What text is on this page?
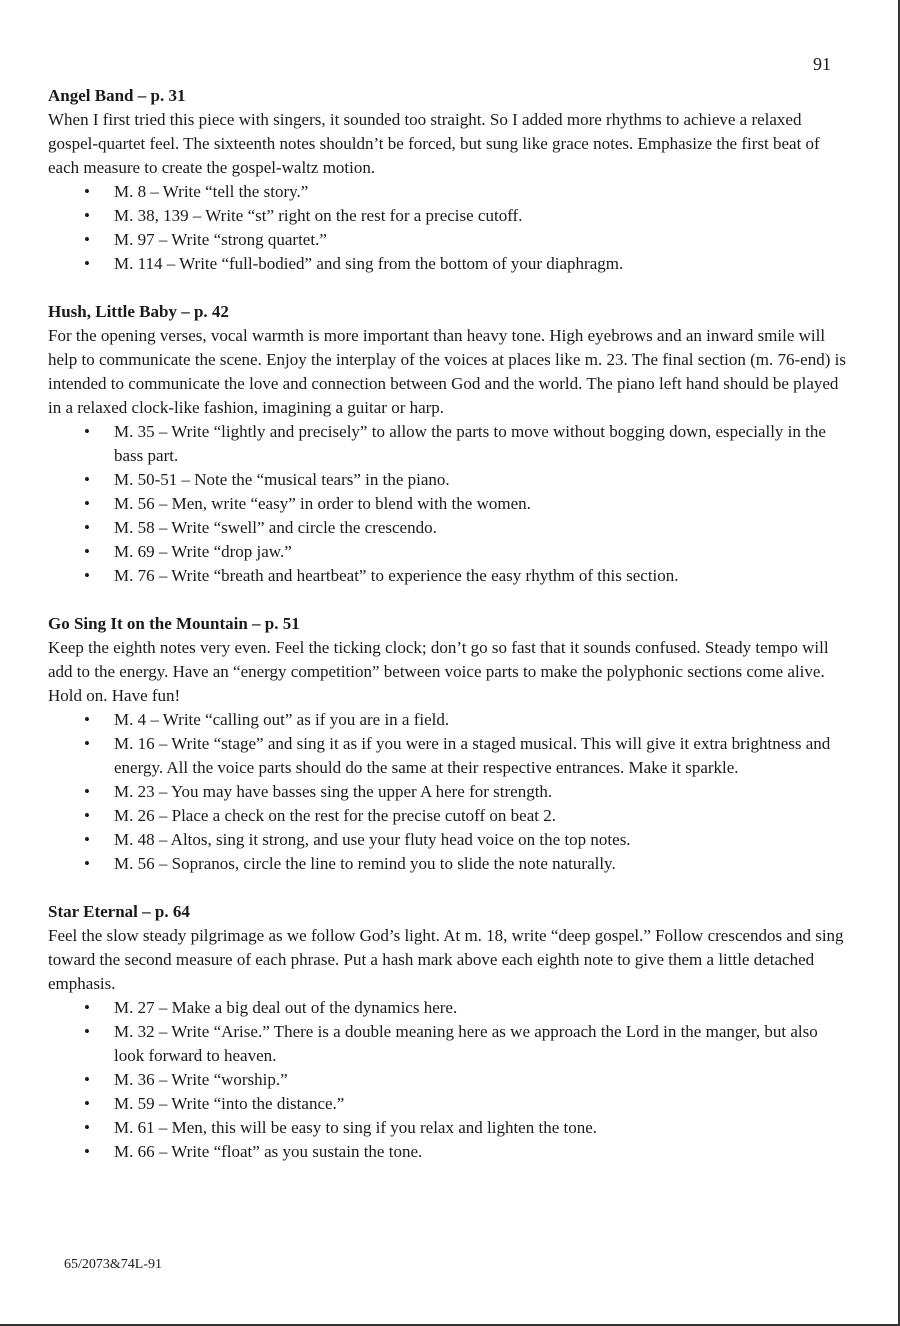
91

Angel Band – p. 31

When I first tried this piece with singers, it sounded too straight. So I added more rhythms to achieve a relaxed gospel-quartet feel. The sixteenth notes shouldn’t be forced, but sung like grace notes. Emphasize the first beat of each measure to create the gospel-waltz motion.

• M. 8 – Write “tell the story.”
• M. 38, 139 – Write “st” right on the rest for a precise cutoff.
• M. 97 – Write “strong quartet.”
• M. 114 – Write “full-bodied” and sing from the bottom of your diaphragm.

Hush, Little Baby – p. 42

For the opening verses, vocal warmth is more important than heavy tone. High eyebrows and an inward smile will help to communicate the scene. Enjoy the interplay of the voices at places like m. 23. The final section (m. 76-end) is intended to communicate the love and connection between God and the world. The piano left hand should be played in a relaxed clock-like fashion, imagining a guitar or harp.

• M. 35 – Write “lightly and precisely” to allow the parts to move without bogging down, especially in the bass part.
• M. 50-51 – Note the “musical tears” in the piano.
• M. 56 – Men, write “easy” in order to blend with the women.
• M. 58 – Write “swell” and circle the crescendo.
• M. 69 – Write “drop jaw.”
• M. 76 – Write “breath and heartbeat” to experience the easy rhythm of this section.

Go Sing It on the Mountain – p. 51

Keep the eighth notes very even. Feel the ticking clock; don’t go so fast that it sounds confused. Steady tempo will add to the energy. Have an “energy competition” between voice parts to make the polyphonic sections come alive. Hold on. Have fun!

• M. 4 – Write “calling out” as if you are in a field.
• M. 16 – Write “stage” and sing it as if you were in a staged musical. This will give it extra brightness and energy. All the voice parts should do the same at their respective entrances. Make it sparkle.
• M. 23 – You may have basses sing the upper A here for strength.
• M. 26 – Place a check on the rest for the precise cutoff on beat 2.
• M. 48 – Altos, sing it strong, and use your fluty head voice on the top notes.
• M. 56 – Sopranos, circle the line to remind you to slide the note naturally.

Star Eternal – p. 64

Feel the slow steady pilgrimage as we follow God’s light. At m. 18, write “deep gospel.” Follow crescendos and sing toward the second measure of each phrase. Put a hash mark above each eighth note to give them a little detached emphasis.

• M. 27 – Make a big deal out of the dynamics here.
• M. 32 – Write “Arise.” There is a double meaning here as we approach the Lord in the manger, but also look forward to heaven.
• M. 36 – Write “worship.”
• M. 59 – Write “into the distance.”
• M. 61 – Men, this will be easy to sing if you relax and lighten the tone.
• M. 66 – Write “float” as you sustain the tone.
65/2073&74L-91
